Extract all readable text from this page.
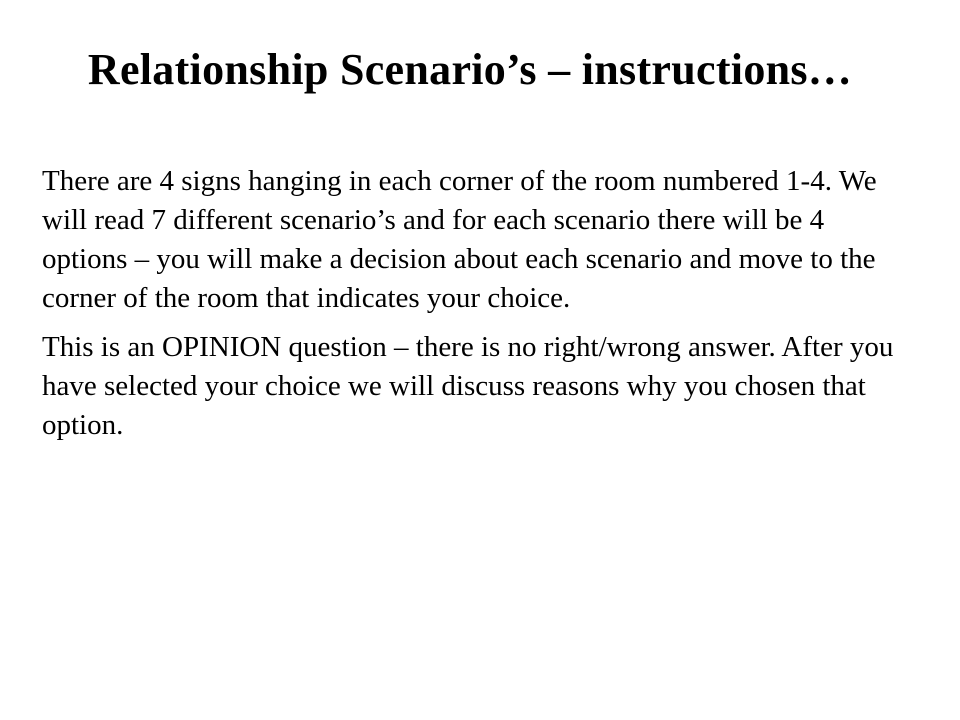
Relationship Scenario’s – instructions…

There are 4 signs hanging in each corner of the room numbered 1-4. We will read 7 different scenario’s and for each scenario there will be 4 options – you will make a decision about each scenario and move to the corner of the room that indicates your choice.

This is an OPINION question – there is no right/wrong answer. After you have selected your choice we will discuss reasons why you chosen that option.
